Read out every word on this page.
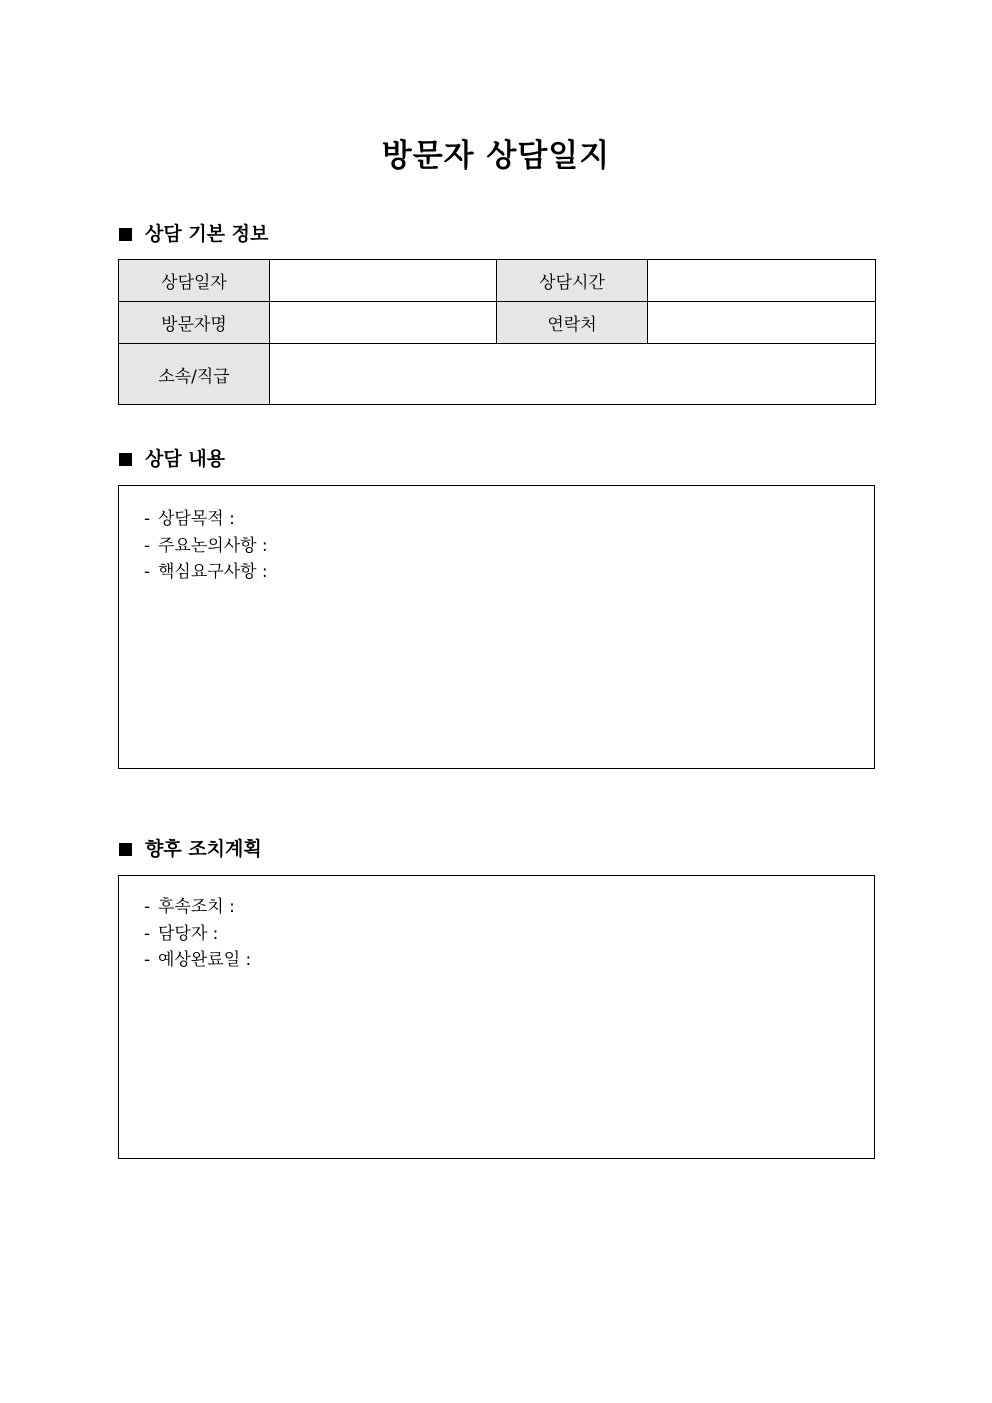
방문자 상담일지
상담 기본 정보
상담일자		상담시간	
방문자명		연락처	
소속/직급			
상담 내용
- 상담목적 :
- 주요논의사항 :
- 핵심요구사항 :
향후 조치계획
- 후속조치 :
- 담당자 :
- 예상완료일 :
